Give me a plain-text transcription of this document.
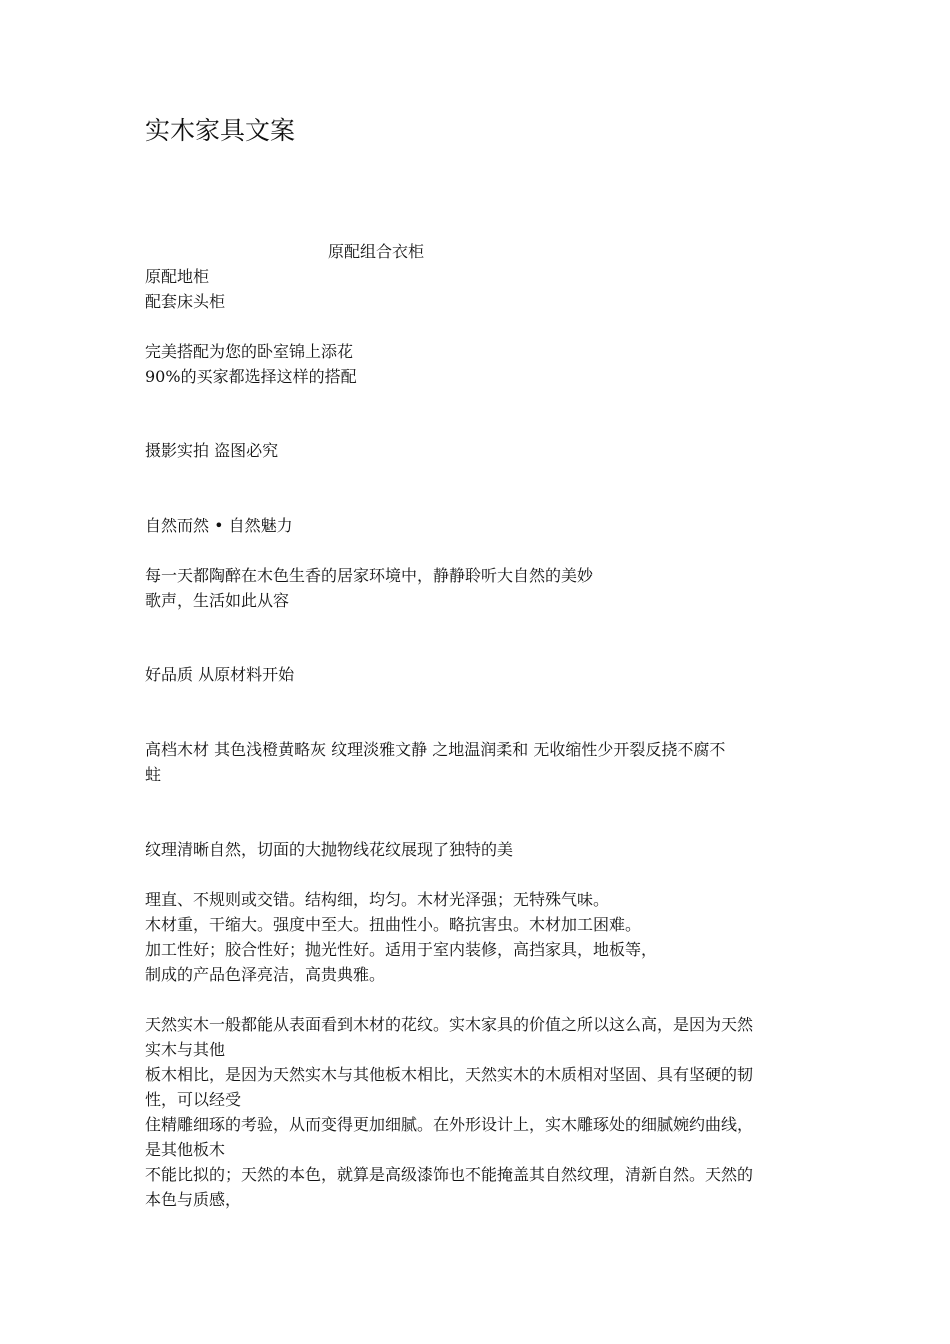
实木家具文案
原配组合衣柜
原配地柜
配套床头柜
完美搭配为您的卧室锦上添花
90%的买家都选择这样的搭配
摄影实拍 盗图必究
自然而然 • 自然魅力
每一天都陶醉在木色生香的居家环境中，静静聆听大自然的美妙
歌声，生活如此从容
好品质 从原材料开始
高档木材 其色浅橙黄略灰 纹理淡雅文静 之地温润柔和 无收缩性少开裂反挠不腐不
蛀
纹理清晰自然，切面的大抛物线花纹展现了独特的美
理直、不规则或交错。结构细，均匀。木材光泽强；无特殊气味。
木材重，干缩大。强度中至大。扭曲性小。略抗害虫。木材加工困难。
加工性好；胶合性好；抛光性好。适用于室内装修，高挡家具，地板等，
制成的产品色泽亮洁，高贵典雅。
天然实木一般都能从表面看到木材的花纹。实木家具的价值之所以这么高，是因为天然
实木与其他
板木相比，是因为天然实木与其他板木相比，天然实木的木质相对坚固、具有坚硬的韧
性，可以经受
住精雕细琢的考验，从而变得更加细腻。在外形设计上，实木雕琢处的细腻婉约曲线，
是其他板木
不能比拟的；天然的本色，就算是高级漆饰也不能掩盖其自然纹理，清新自然。天然的
本色与质感，
